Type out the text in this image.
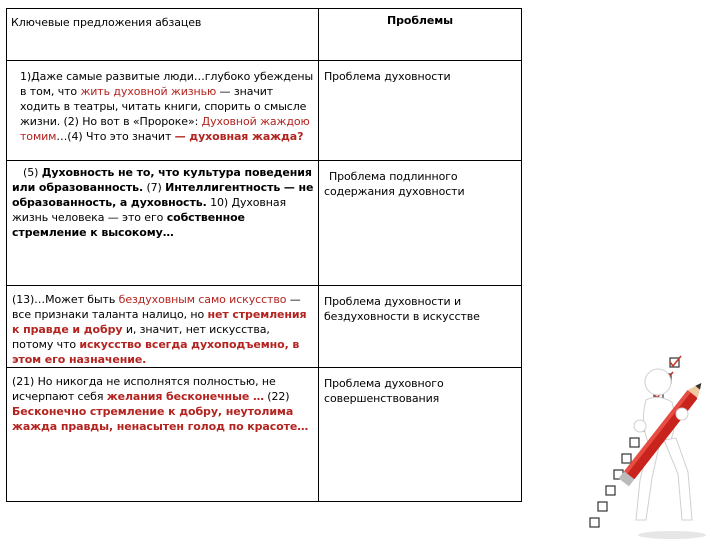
Ключевые предложения абзацев	Проблемы
1)Даже самые развитые люди…глубоко убеждены в том, что жить духовной жизнью — значит ходить в театры, читать книги, спорить о смысле жизни. (2) Но вот в «Пророке»: Духовной жаждою томим…(4) Что это значит — духовная жажда?	Проблема духовности
(5) Духовность не то, что культура поведения или образованность. (7) Интеллигентность — не образованность, а духовность. 10) Духовная жизнь человека — это его собственное стремление к высокому…	Проблема подлинного содержания духовности
(13)…Может быть бездуховным само искусство — все признаки таланта налицо, но нет стремления к правде и добру и, значит, нет искусства, потому что искусство всегда духоподъемно, в этом его назначение.	Проблема духовности и бездуховности в искусстве
(21) Но никогда не исполнятся полностью, не исчерпают себя желания бесконечные … (22) Бесконечно стремление к добру, неутолима жажда правды, ненасытен голод по красоте…	Проблема духовного совершенствования
